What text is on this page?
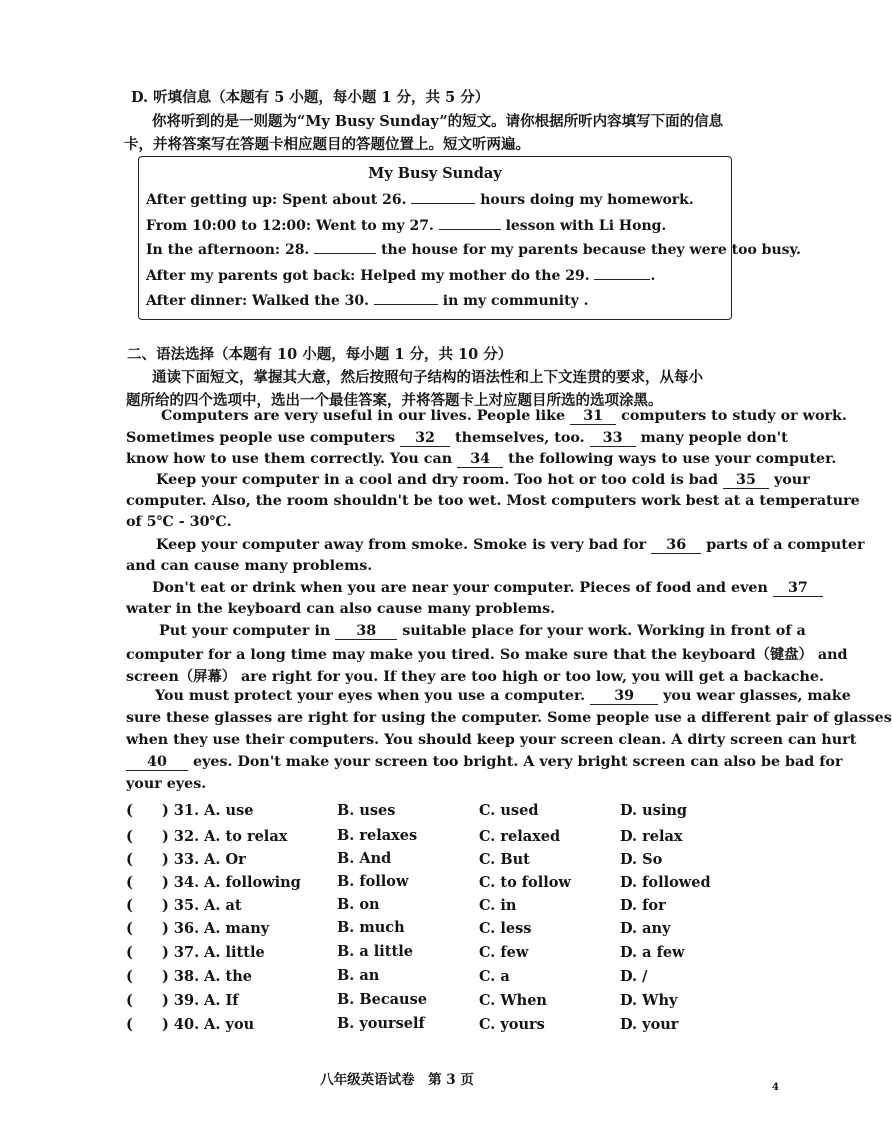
D. 听填信息（本题有 5 小题，每小题 1 分，共 5 分）
你将听到的是一则题为“My Busy Sunday”的短文。请你根据所听内容填写下面的信息
卡，并将答案写在答题卡相应题目的答题位置上。短文听两遍。
My Busy Sunday
After getting up: Spent about 26.	hours doing my homework.
From 10:00 to 12:00: Went to my 27.	lesson with Li Hong.
In the afternoon: 28.	the house for my parents because they were too busy.
After my parents got back: Helped my mother do the 29.	.
After dinner: Walked the 30.	in my community .
二、语法选择（本题有 10 小题，每小题 1 分，共 10 分）
通读下面短文，掌握其大意，然后按照句子结构的语法性和上下文连贯的要求，从每小
题所给的四个选项中，选出一个最佳答案，并将答题卡上对应题目所选的选项涂黑。
Computers are very useful in our lives. People like 31 computers to study or work.
Sometimes people use computers 32 themselves, too. 33 many people don't
know how to use them correctly. You can 34 the following ways to use your computer.
Keep your computer in a cool and dry room. Too hot or too cold is bad 35 your
computer. Also, the room shouldn't be too wet. Most computers work best at a temperature
of 5℃ - 30℃.
Keep your computer away from smoke. Smoke is very bad for 36 parts of a computer
and can cause many problems.
Don't eat or drink when you are near your computer. Pieces of food and even 37
water in the keyboard can also cause many problems.
Put your computer in 38 suitable place for your work. Working in front of a
computer for a long time may make you tired. So make sure that the keyboard（键盘） and
screen（屏幕） are right for you. If they are too high or too low, you will get a backache.
You must protect your eyes when you use a computer. 39 you wear glasses, make
sure these glasses are right for using the computer. Some people use a different pair of glasses
when they use their computers. You should keep your screen clean. A dirty screen can hurt
40 eyes. Don't make your screen too bright. A very bright screen can also be bad for
your eyes.
( ) 31. A. use	B. uses	C. used	D. using
( ) 32. A. to relax	B. relaxes	C. relaxed	D. relax
( ) 33. A. Or	B. And	C. But	D. So
( ) 34. A. following B. follow	C. to follow	D. followed
( ) 35. A. at	B. on	C. in	D. for
( ) 36. A. many	B. much	C. less	D. any
( ) 37. A. little	B. a little	C. few	D. a few
( ) 38. A. the	B. an	C. a	D. /
( ) 39. A. If	B. Because	C. When	D. Why
( ) 40. A. you	B. yourself	C. yours	D. your
八年级英语试卷　第 3 页	4
